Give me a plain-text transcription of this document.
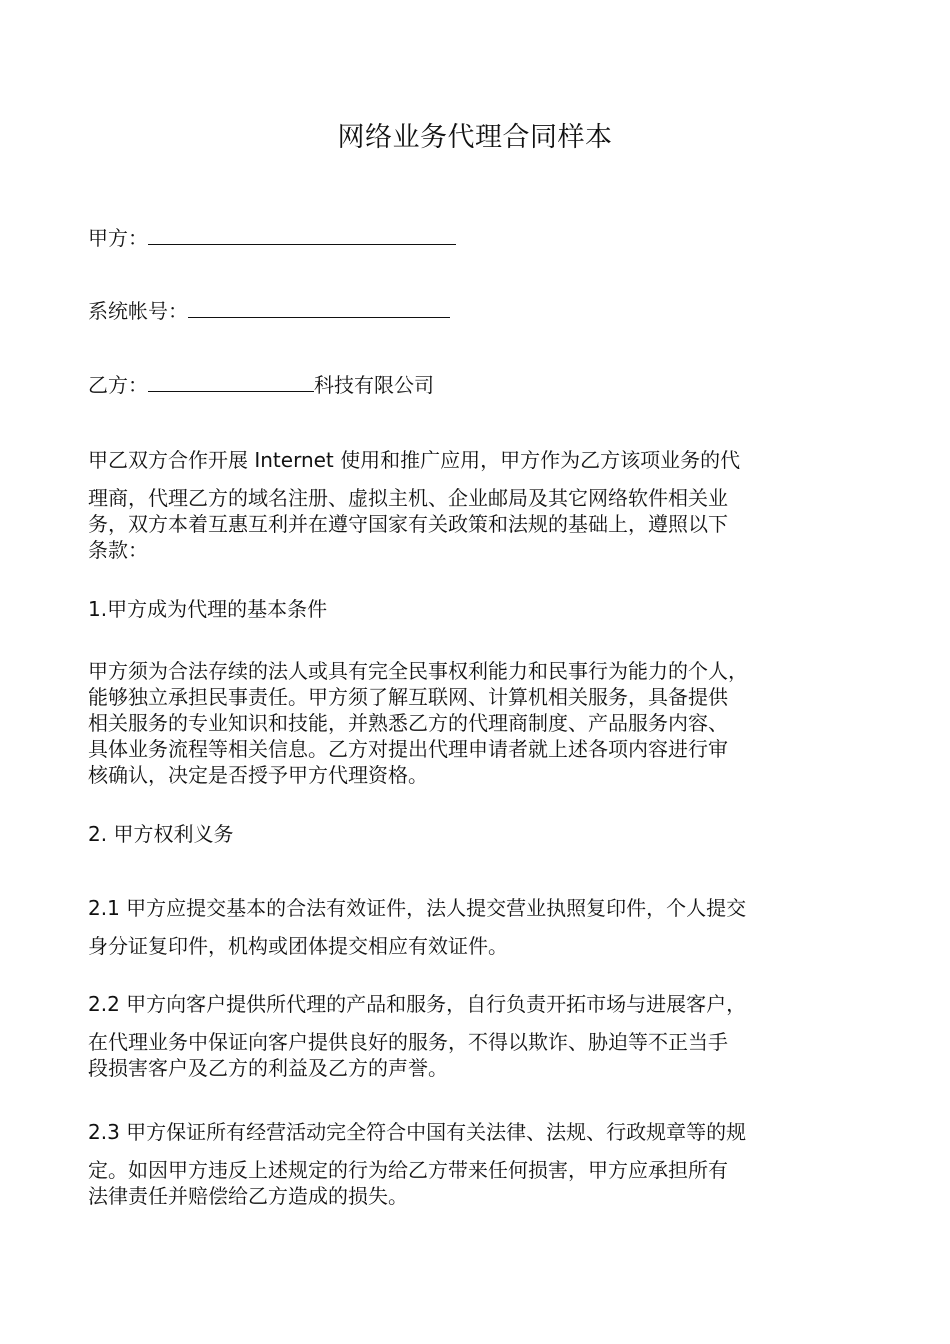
网络业务代理合同样本
甲方：
系统帐号：
乙方：	科技有限公司
甲乙双方合作开展 Internet 使用和推广应用，甲方作为乙方该项业务的代
理商，代理乙方的域名注册、虚拟主机、企业邮局及其它网络软件相关业
务，双方本着互惠互利并在遵守国家有关政策和法规的基础上，遵照以下
条款：
1.甲方成为代理的基本条件
甲方须为合法存续的法人或具有完全民事权利能力和民事行为能力的个人，
能够独立承担民事责任。甲方须了解互联网、计算机相关服务，具备提供
相关服务的专业知识和技能，并熟悉乙方的代理商制度、产品服务内容、
具体业务流程等相关信息。乙方对提出代理申请者就上述各项内容进行审
核确认，决定是否授予甲方代理资格。
2. 甲方权利义务
2.1 甲方应提交基本的合法有效证件，法人提交营业执照复印件，个人提交
身分证复印件，机构或团体提交相应有效证件。
2.2 甲方向客户提供所代理的产品和服务，自行负责开拓市场与进展客户，
在代理业务中保证向客户提供良好的服务，不得以欺诈、胁迫等不正当手
段损害客户及乙方的利益及乙方的声誉。
2.3 甲方保证所有经营活动完全符合中国有关法律、法规、行政规章等的规
定。如因甲方违反上述规定的行为给乙方带来任何损害，甲方应承担所有
法律责任并赔偿给乙方造成的损失。
